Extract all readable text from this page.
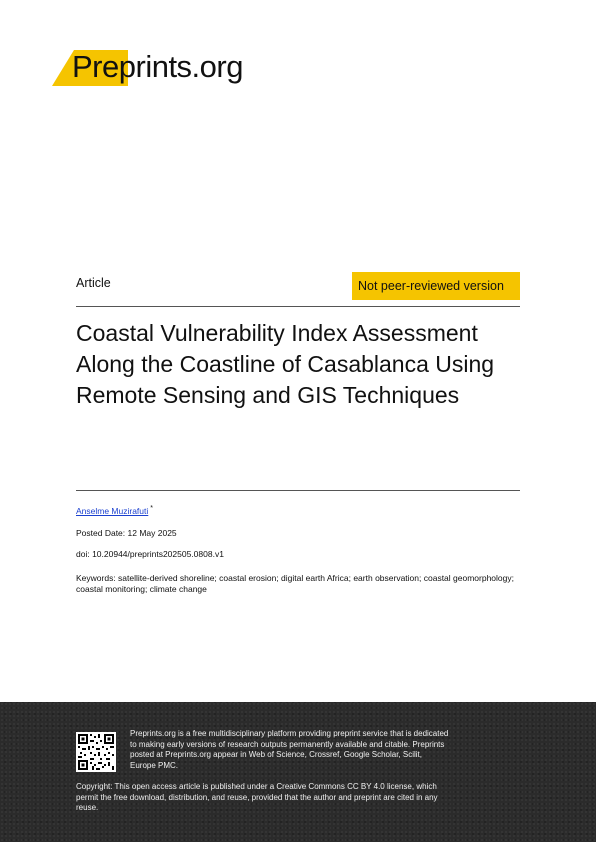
Preprints.org
Article	Not peer-reviewed version
Coastal Vulnerability Index Assessment Along the Coastline of Casablanca Using Remote Sensing and GIS Techniques
Anselme Muzirafuti *
Posted Date: 12 May 2025
doi: 10.20944/preprints202505.0808.v1
Keywords: satellite-derived shoreline; coastal erosion; digital earth Africa; earth observation; coastal geomorphology; coastal monitoring; climate change
Preprints.org is a free multidisciplinary platform providing preprint service that is dedicated to making early versions of research outputs permanently available and citable. Preprints posted at Preprints.org appear in Web of Science, Crossref, Google Scholar, Scilit, Europe PMC.
Copyright: This open access article is published under a Creative Commons CC BY 4.0 license, which permit the free download, distribution, and reuse, provided that the author and preprint are cited in any reuse.
